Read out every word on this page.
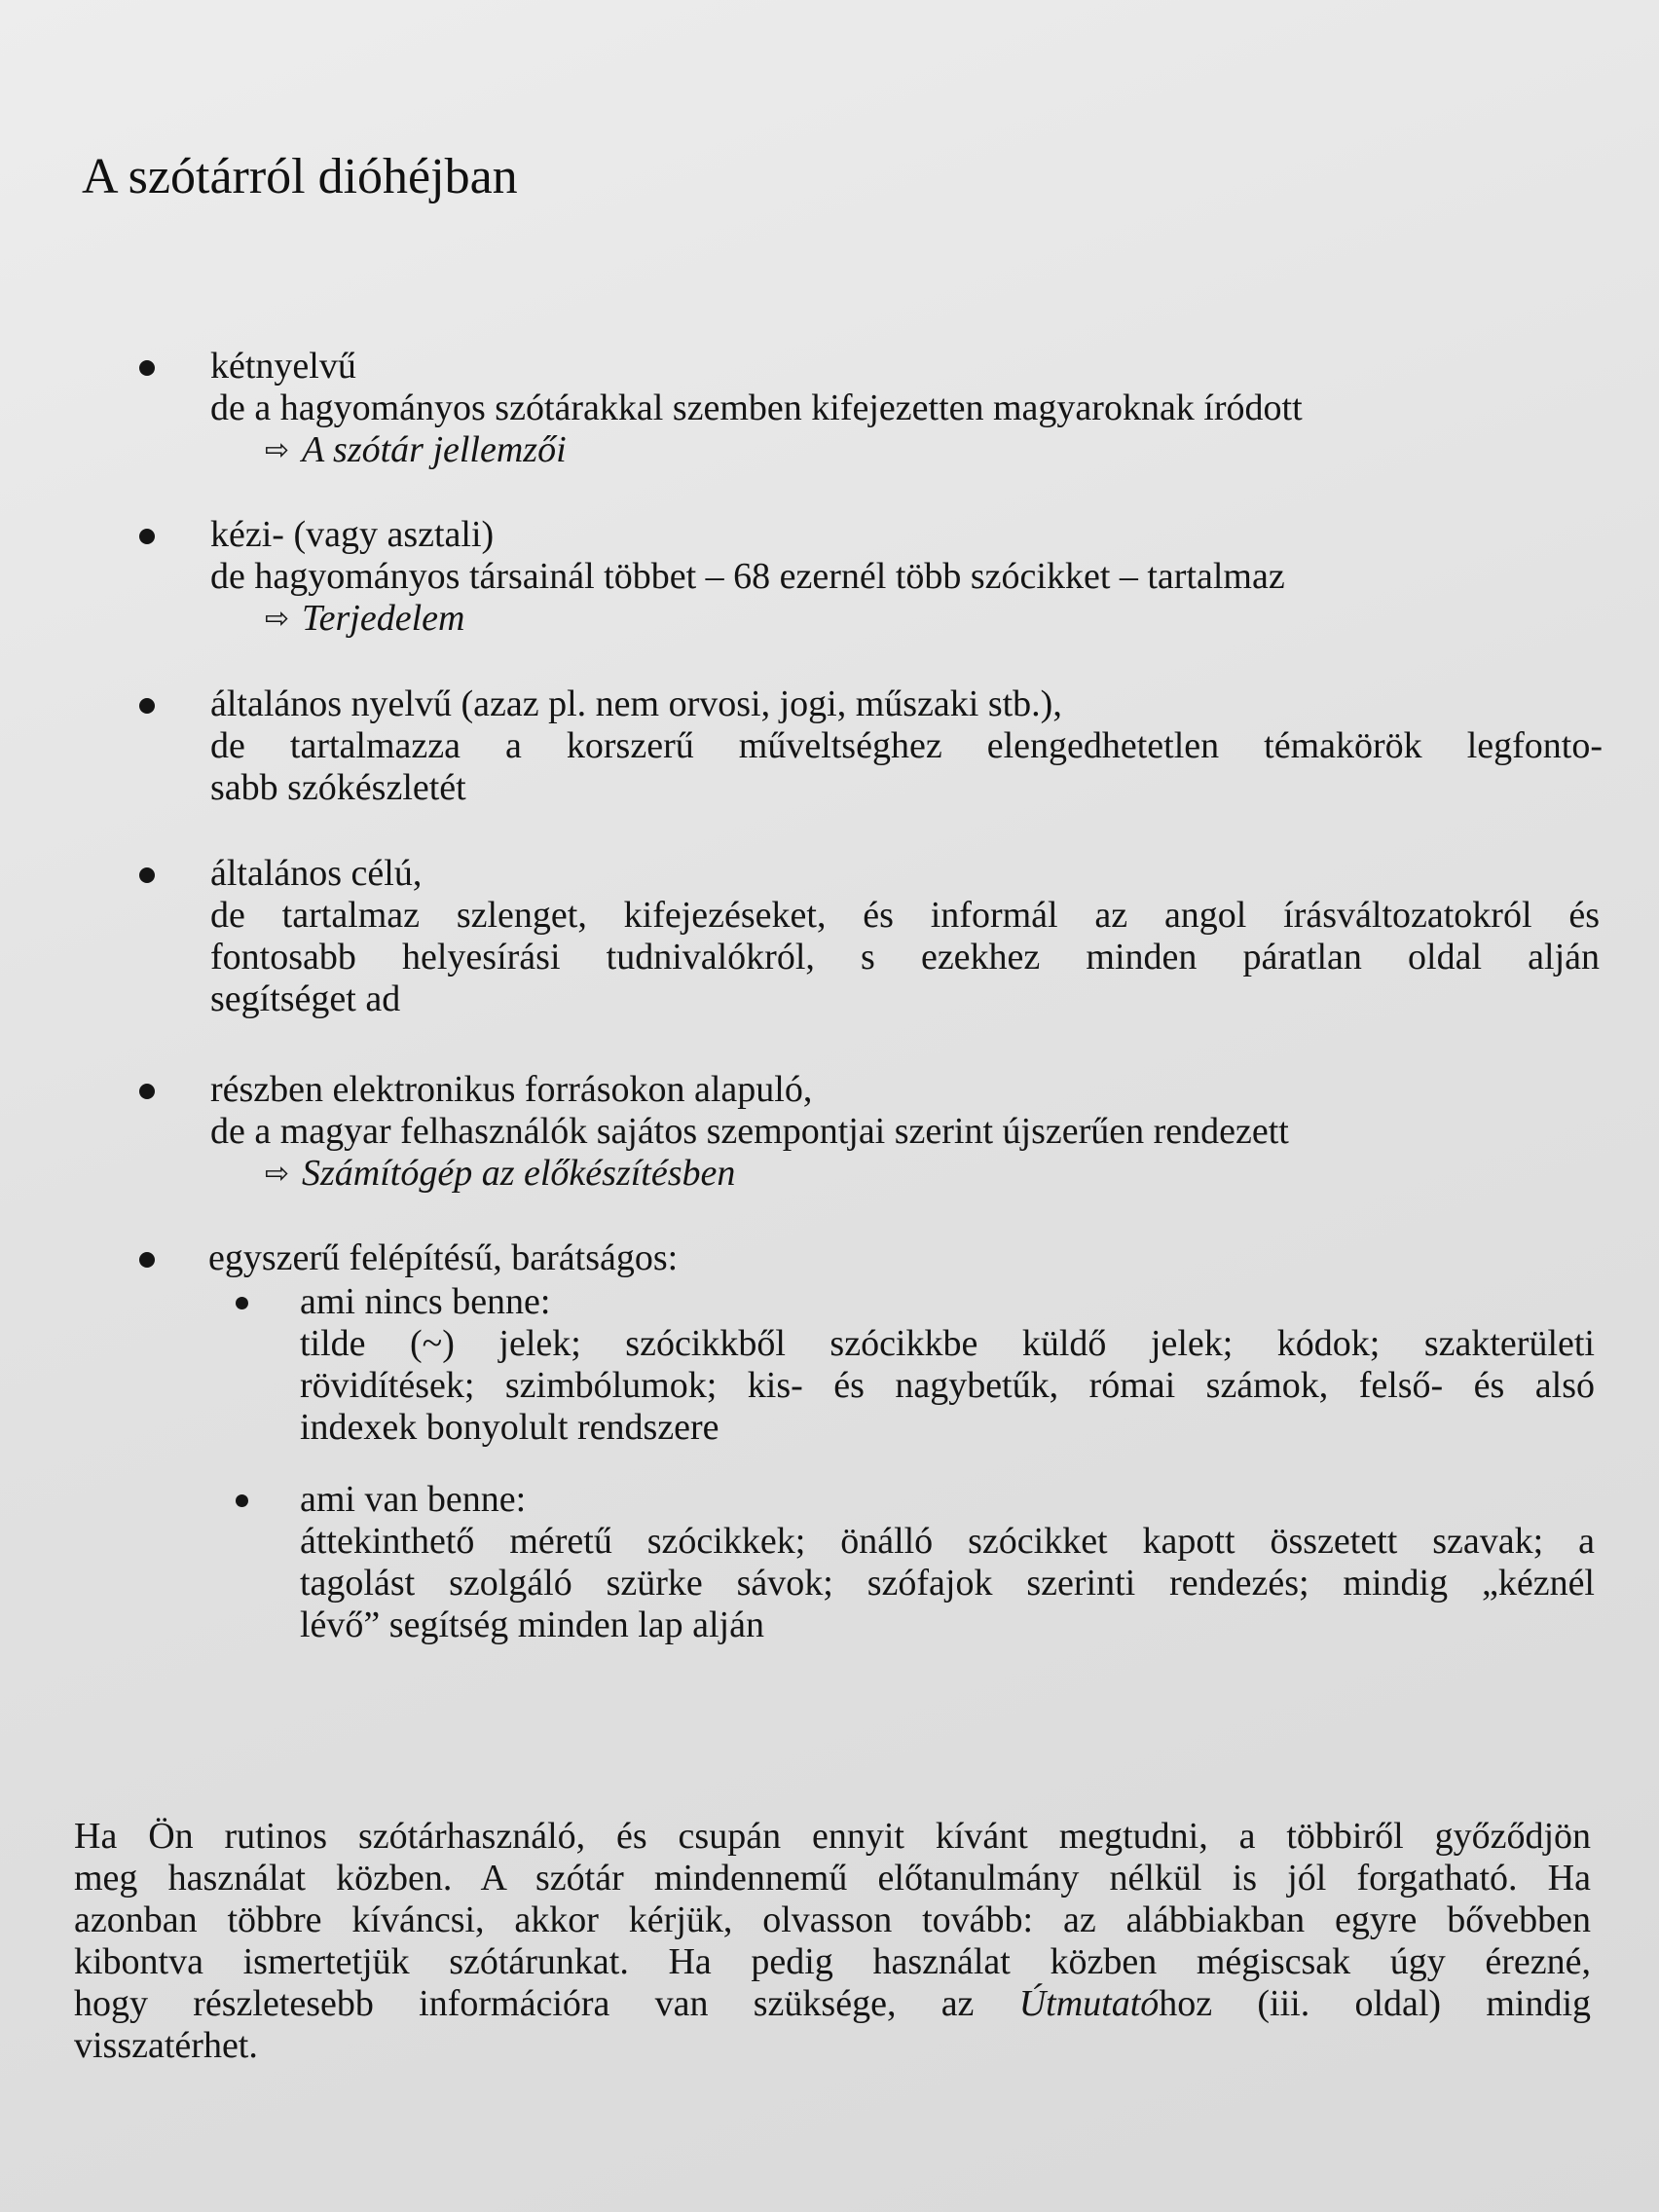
A szótárról dióhéjban
kétnyelvű
de a hagyományos szótárakkal szemben kifejezetten magyaroknak íródott
⇨ A szótár jellemzői
kézi- (vagy asztali)
de hagyományos társainál többet – 68 ezernél több szócikket – tartalmaz
⇨ Terjedelem
általános nyelvű (azaz pl. nem orvosi, jogi, műszaki stb.),
de tartalmazza a korszerű műveltséghez elengedhetetlen témakörök legfonto-
sabb szókészletét
általános célú,
de tartalmaz szlenget, kifejezéseket, és informál az angol írásváltozatokról és
fontosabb helyesírási tudnivalókról, s ezekhez minden páratlan oldal alján
segítséget ad
részben elektronikus forrásokon alapuló,
de a magyar felhasználók sajátos szempontjai szerint újszerűen rendezett
⇨ Számítógép az előkészítésben
egyszerű felépítésű, barátságos:
ami nincs benne:
tilde (~) jelek; szócikkből szócikkbe küldő jelek; kódok; szakterületi
rövidítések; szimbólumok; kis- és nagybetűk, római számok, felső- és alsó
indexek bonyolult rendszere
ami van benne:
áttekinthető méretű szócikkek; önálló szócikket kapott összetett szavak; a
tagolást szolgáló szürke sávok; szófajok szerinti rendezés; mindig „kéznél
lévő” segítség minden lap alján
Ha Ön rutinos szótárhasználó, és csupán ennyit kívánt megtudni, a többiről győződjön
meg használat közben. A szótár mindennemű előtanulmány nélkül is jól forgatható. Ha
azonban többre kíváncsi, akkor kérjük, olvasson tovább: az alábbiakban egyre bővebben
kibontva ismertetjük szótárunkat. Ha pedig használat közben mégiscsak úgy érezné,
hogy részletesebb információra van szüksége, az Útmutatóhoz (iii. oldal) mindig
visszatérhet.
